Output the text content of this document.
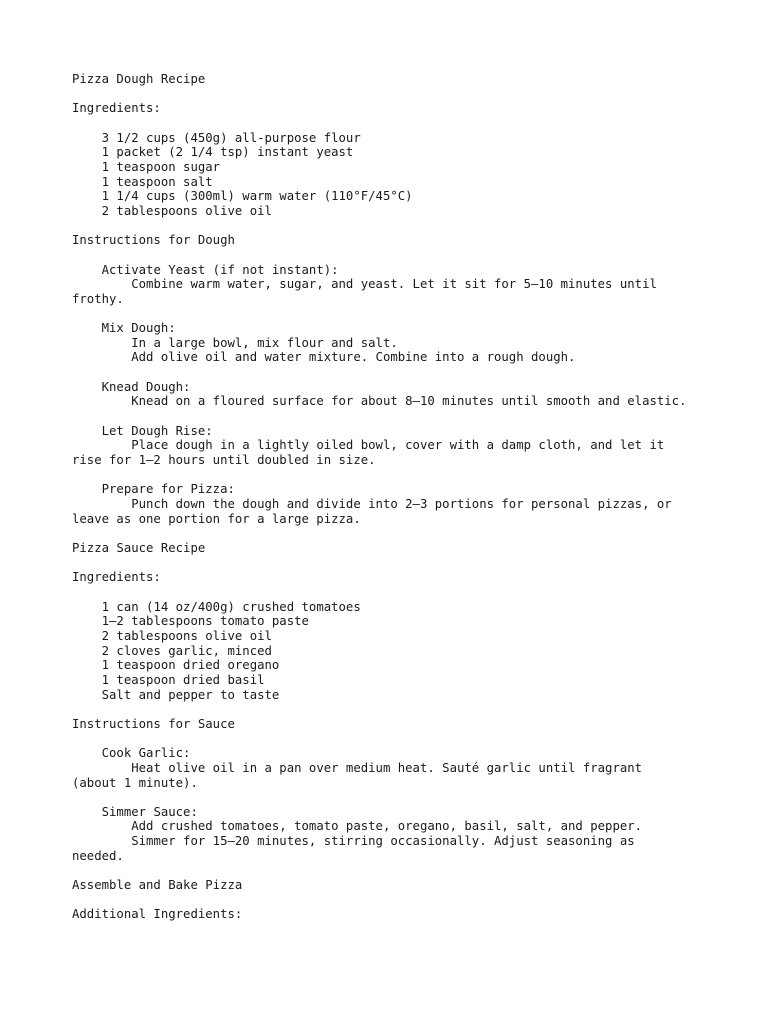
Pizza Dough Recipe

Ingredients:

3 1/2 cups (450g) all-purpose flour
1 packet (2 1/4 tsp) instant yeast
1 teaspoon sugar
1 teaspoon salt
1 1/4 cups (300ml) warm water (110°F/45°C)
2 tablespoons olive oil

Instructions for Dough

Activate Yeast (if not instant):
Combine warm water, sugar, and yeast. Let it sit for 5–10 minutes until
frothy.

Mix Dough:
In a large bowl, mix flour and salt.
Add olive oil and water mixture. Combine into a rough dough.

Knead Dough:
Knead on a floured surface for about 8–10 minutes until smooth and elastic.

Let Dough Rise:
Place dough in a lightly oiled bowl, cover with a damp cloth, and let it
rise for 1–2 hours until doubled in size.

Prepare for Pizza:
Punch down the dough and divide into 2–3 portions for personal pizzas, or
leave as one portion for a large pizza.

Pizza Sauce Recipe

Ingredients:

1 can (14 oz/400g) crushed tomatoes
1–2 tablespoons tomato paste
2 tablespoons olive oil
2 cloves garlic, minced
1 teaspoon dried oregano
1 teaspoon dried basil
Salt and pepper to taste

Instructions for Sauce

Cook Garlic:
Heat olive oil in a pan over medium heat. Sauté garlic until fragrant
(about 1 minute).

Simmer Sauce:
Add crushed tomatoes, tomato paste, oregano, basil, salt, and pepper.
Simmer for 15–20 minutes, stirring occasionally. Adjust seasoning as
needed.

Assemble and Bake Pizza

Additional Ingredients:
